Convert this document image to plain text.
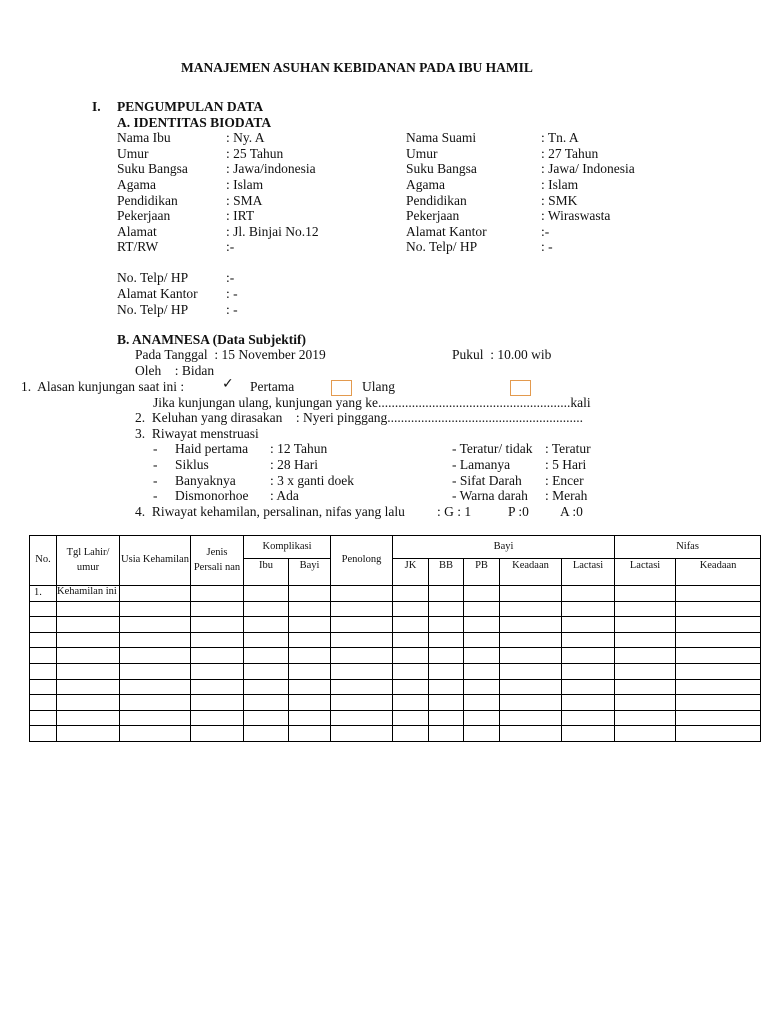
MANAJEMEN ASUHAN KEBIDANAN PADA IBU HAMIL
I. PENGUMPULAN DATA
A. IDENTITAS BIODATA
Nama Ibu	: Ny. A
Umur	: 25 Tahun
Suku Bangsa	: Jawa/indonesia
Agama	: Islam
Pendidikan	: SMA
Pekerjaan	: IRT
Alamat	: Jl. Binjai No.12
RT/RW	:-
Nama Suami	: Tn. A
Umur	: 27 Tahun
Suku Bangsa	: Jawa/ Indonesia
Agama	: Islam
Pendidikan	: SMK
Pekerjaan	: Wiraswasta
Alamat Kantor	:-
No. Telp/ HP	: -
No. Telp/ HP	:-
Alamat Kantor : -
No. Telp/ HP	: -
B. ANAMNESA (Data Subjektif)
Pada Tanggal  : 15 November 2019	Pukul  : 10.00 wib
Oleh    : Bidan
1.  Alasan kunjungan saat ini :	✓ Pertama	Ulang
Jika kunjungan ulang, kunjungan yang ke.........................................................kali
2.  Keluhan yang dirasakan    : Nyeri pinggang..........................................................
3.  Riwayat menstruasi
- Haid pertama : 12 Tahun
- Siklus	: 28 Hari
- Banyaknya	: 3 x ganti doek
- Dismonorhoe : Ada
- Teratur/ tidak : Teratur
- Lamanya	: 5 Hari
- Sifat Darah : Encer
- Warna darah : Merah
4.  Riwayat kehamilan, persalinan, nifas yang lalu : G : 1	P :0 A :0
No.	Tgl Lahir/ umur	Usia Kehamilan	Jenis Persali nan	Komplikasi		Penolong	Bayi					Nifas	
				Ibu	Bayi		JK	BB	PB	Keadaan	Lactasi	Lactasi	Keadaan
1.	Kehamilan ini												
